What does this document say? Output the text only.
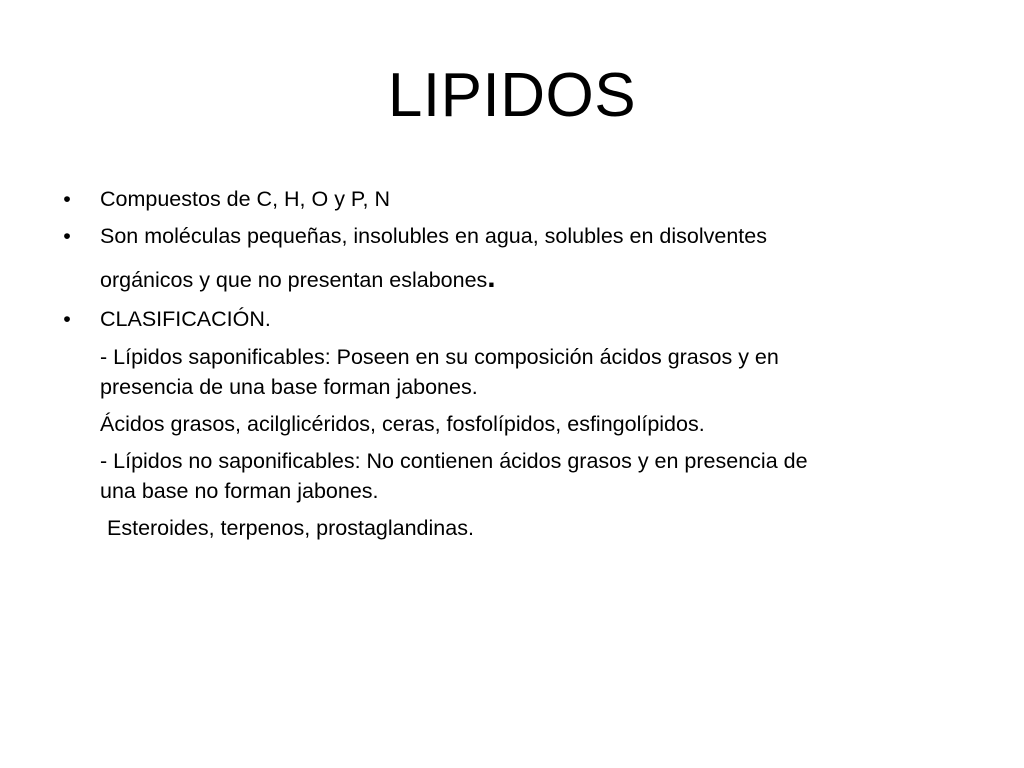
LIPIDOS
• Compuestos de C, H, O y P, N
• Son moléculas pequeñas, insolubles en agua, solubles en disolventes
orgánicos y que no presentan eslabones.
• CLASIFICACIÓN.
- Lípidos saponificables: Poseen en su composición ácidos grasos y en
presencia de una base forman jabones.
Ácidos grasos, acilglicéridos, ceras, fosfolípidos, esfingolípidos.
- Lípidos no saponificables: No contienen ácidos grasos y en presencia de
una base no forman jabones.
Esteroides, terpenos, prostaglandinas.
